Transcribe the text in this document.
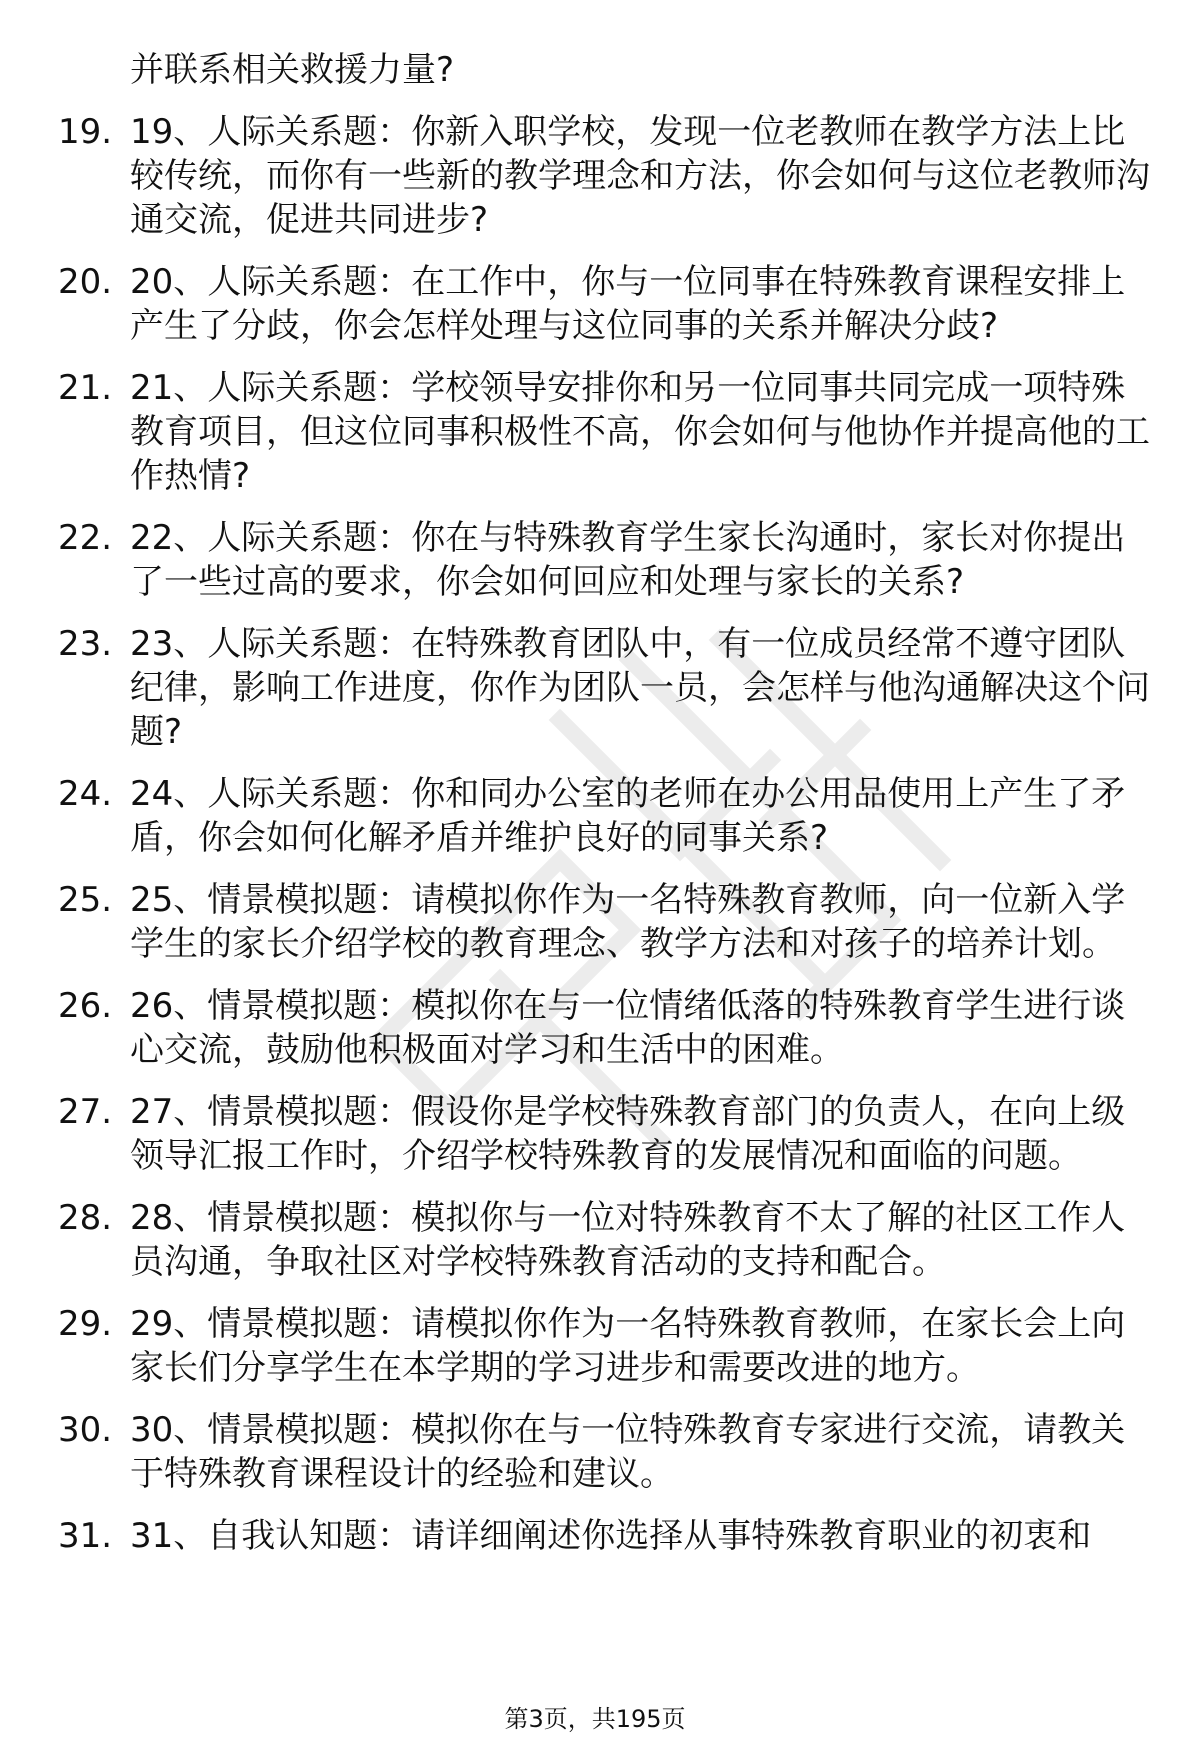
并联系相关救援力量?
19. 19、人际关系题：你新入职学校，发现一位老教师在教学方法上比较传统，而你有一些新的教学理念和方法，你会如何与这位老教师沟通交流，促进共同进步?
20. 20、人际关系题：在工作中，你与一位同事在特殊教育课程安排上产生了分歧，你会怎样处理与这位同事的关系并解决分歧?
21. 21、人际关系题：学校领导安排你和另一位同事共同完成一项特殊教育项目，但这位同事积极性不高，你会如何与他协作并提高他的工作热情?
22. 22、人际关系题：你在与特殊教育学生家长沟通时，家长对你提出了一些过高的要求，你会如何回应和处理与家长的关系?
23. 23、人际关系题：在特殊教育团队中，有一位成员经常不遵守团队纪律，影响工作进度，你作为团队一员，会怎样与他沟通解决这个问题?
24. 24、人际关系题：你和同办公室的老师在办公用品使用上产生了矛盾，你会如何化解矛盾并维护良好的同事关系?
25. 25、情景模拟题：请模拟你作为一名特殊教育教师，向一位新入学学生的家长介绍学校的教育理念、教学方法和对孩子的培养计划。
26. 26、情景模拟题：模拟你在与一位情绪低落的特殊教育学生进行谈心交流，鼓励他积极面对学习和生活中的困难。
27. 27、情景模拟题：假设你是学校特殊教育部门的负责人，在向上级领导汇报工作时，介绍学校特殊教育的发展情况和面临的问题。
28. 28、情景模拟题：模拟你与一位对特殊教育不太了解的社区工作人员沟通，争取社区对学校特殊教育活动的支持和配合。
29. 29、情景模拟题：请模拟你作为一名特殊教育教师，在家长会上向家长们分享学生在本学期的学习进步和需要改进的地方。
30. 30、情景模拟题：模拟你在与一位特殊教育专家进行交流，请教关于特殊教育课程设计的经验和建议。
31. 31、自我认知题：请详细阐述你选择从事特殊教育职业的初衷和
第3页，共195页
